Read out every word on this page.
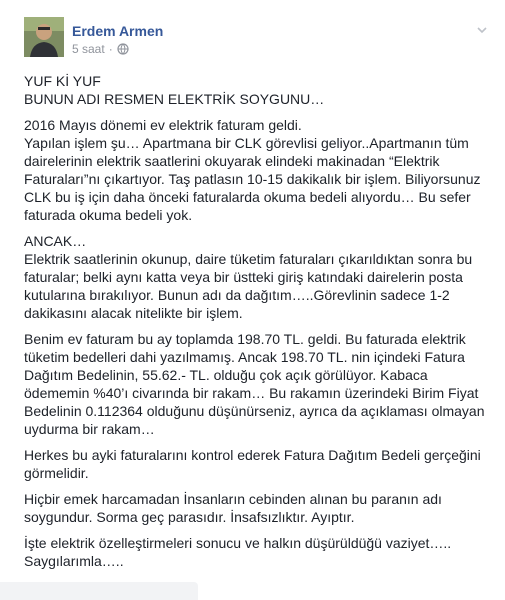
Erdem Armen
5 saat ·

YUF Kİ YUF
BUNUN ADI RESMEN ELEKTRİK SOYGUNU…

2016 Mayıs dönemi ev elektrik faturam geldi.
Yapılan işlem şu… Apartmana bir CLK görevlisi geliyor..Apartmanın tüm dairelerinin elektrik saatlerini okuyarak elindeki makinadan “Elektrik Faturaları”nı çıkartıyor. Taş patlasın 10-15 dakikalık bir işlem. Biliyorsunuz CLK bu iş için daha önceki faturalarda okuma bedeli alıyordu… Bu sefer faturada okuma bedeli yok.

ANCAK…
Elektrik saatlerinin okunup, daire tüketim faturaları çıkarıldıktan sonra bu faturalar; belki aynı katta veya bir üstteki giriş katındaki dairelerin posta kutularına bırakılıyor. Bunun adı da dağıtım…..Görevlinin sadece 1-2 dakikasını alacak nitelikte bir işlem.

Benim ev faturam bu ay toplamda 198.70 TL. geldi. Bu faturada elektrik tüketim bedelleri dahi yazılmamış. Ancak 198.70 TL. nin içindeki Fatura Dağıtım Bedelinin, 55.62.- TL. olduğu çok açık görülüyor. Kabaca ödememin %40’ı civarında bir rakam… Bu rakamın üzerindeki Birim Fiyat Bedelinin 0.112364 olduğunu düşünürseniz, ayrıca da açıklaması olmayan uydurma bir rakam…

Herkes bu ayki faturalarını kontrol ederek Fatura Dağıtım Bedeli gerçeğini görmelidir.

Hiçbir emek harcamadan İnsanların cebinden alınan bu paranın adı soygundur. Sorma geç parasıdır. İnsafsızlıktır. Ayıptır.

İşte elektrik özelleştirmeleri sonucu ve halkın düşürüldüğü vaziyet…..
Saygılarımla…..
